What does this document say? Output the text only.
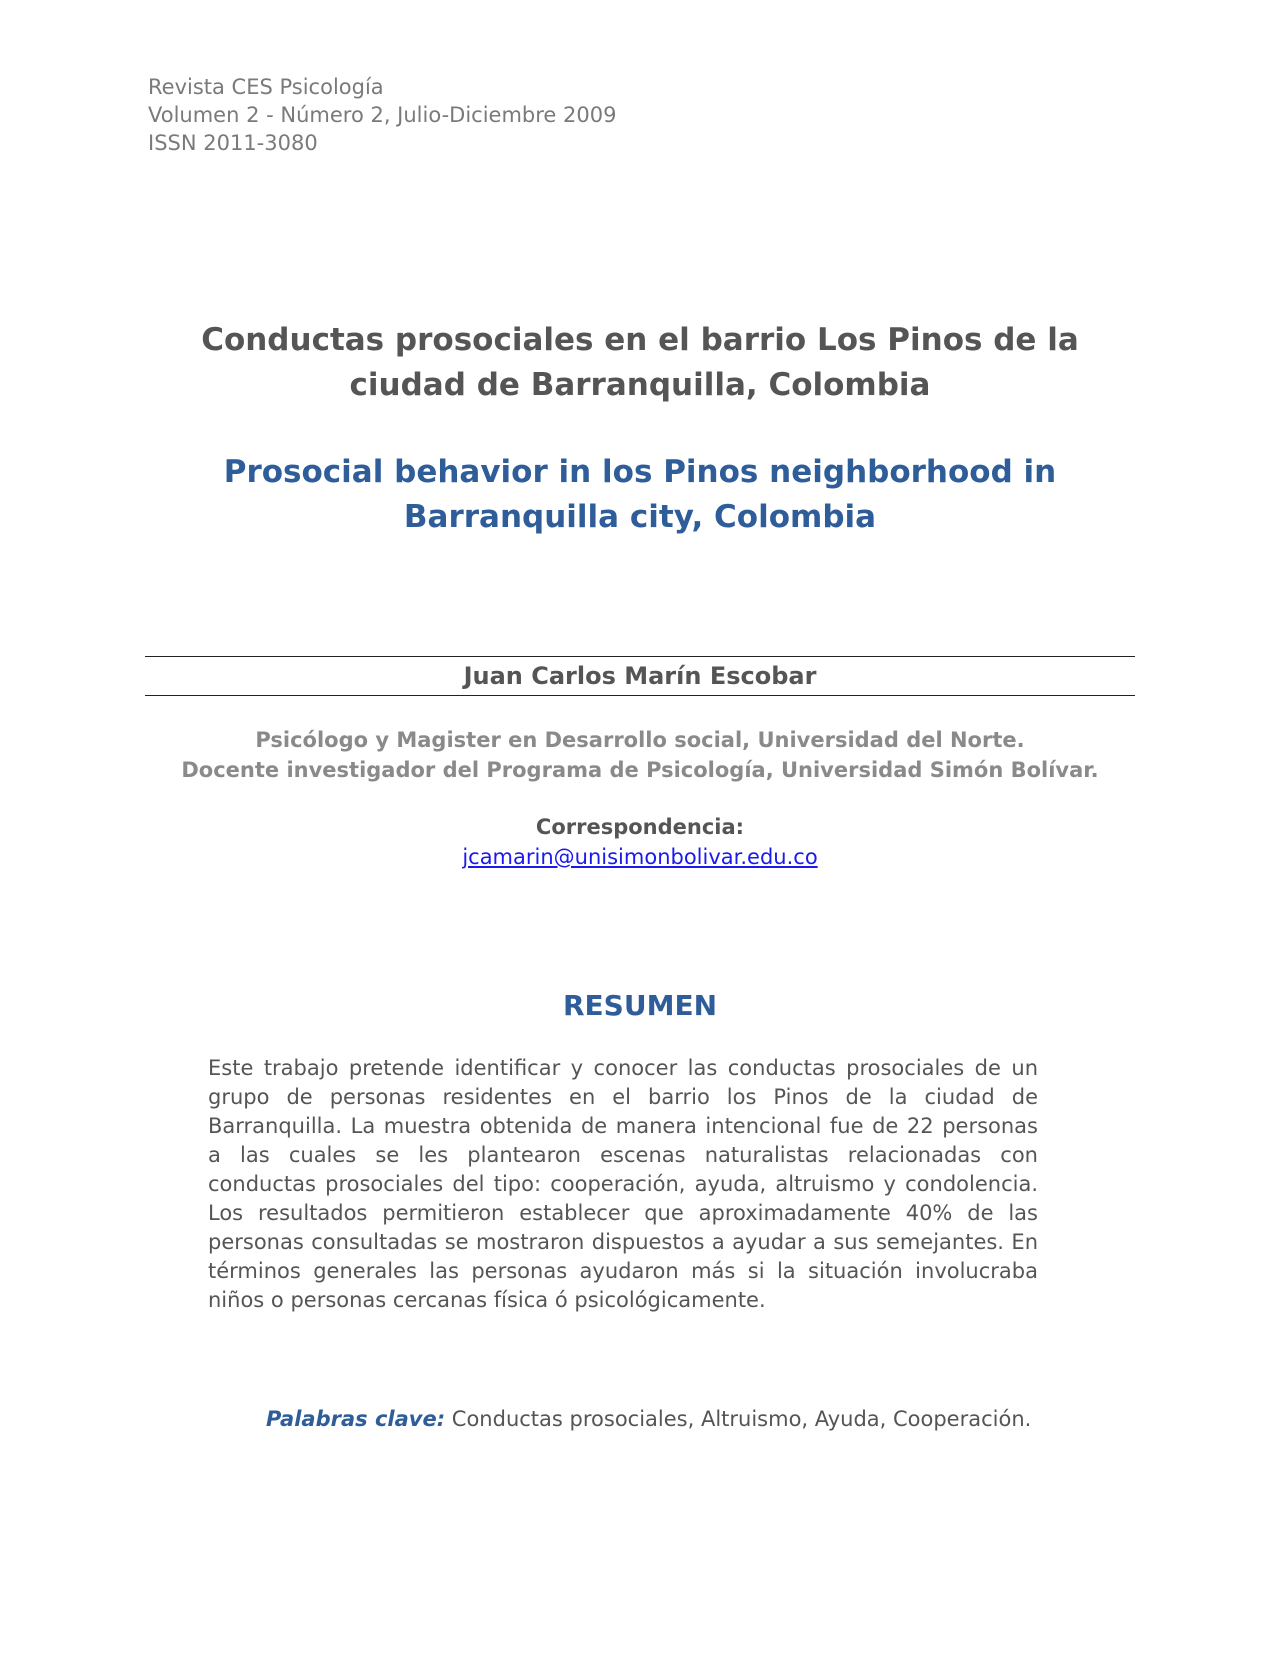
Revista CES Psicología
Volumen 2 - Número 2, Julio-Diciembre 2009
ISSN 2011-3080
Conductas prosociales en el barrio Los Pinos de la
ciudad de Barranquilla, Colombia
Prosocial behavior in los Pinos neighborhood in
Barranquilla city, Colombia
Juan Carlos Marín Escobar
Psicólogo y Magister en Desarrollo social, Universidad del Norte.
Docente investigador del Programa de Psicología, Universidad Simón Bolívar.
Correspondencia:
jcamarin@unisimonbolivar.edu.co
RESUMEN
Este trabajo pretende identificar y conocer las conductas prosociales de un grupo de personas residentes en el barrio los Pinos de la ciudad de Barranquilla. La muestra obtenida de manera intencional fue de 22 personas a las cuales se les plantearon escenas naturalistas relacionadas con conductas prosociales del tipo: cooperación, ayuda, altruismo y condolencia. Los resultados permitieron establecer que aproximadamente 40% de las personas consultadas se mostraron dispuestos a ayudar a sus semejantes. En términos generales las personas ayudaron más si la situación involucraba niños o personas cercanas física ó psicológicamente.
Palabras clave: Conductas prosociales, Altruismo, Ayuda, Cooperación.
